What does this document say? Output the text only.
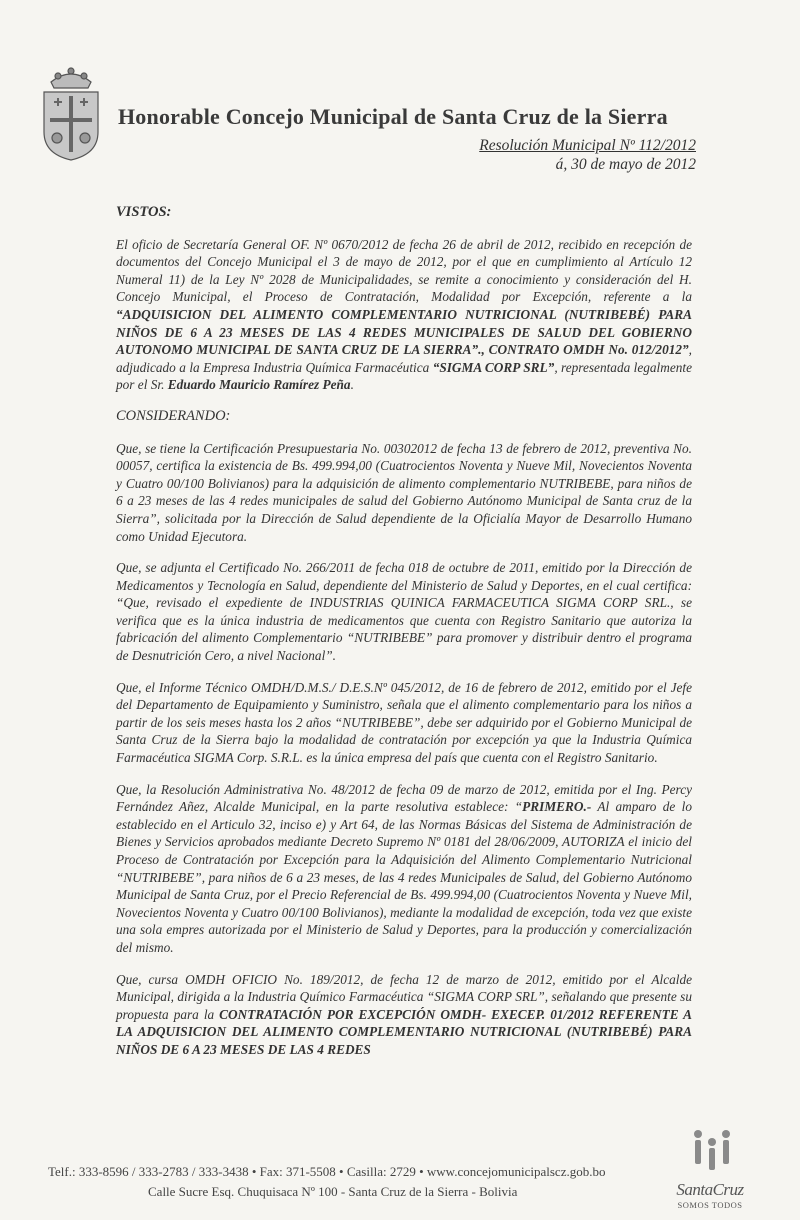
Honorable Concejo Municipal de Santa Cruz de la Sierra
Resolución Municipal Nº 112/2012
á, 30 de mayo de 2012
VISTOS:

El oficio de Secretaría General OF. Nº 0670/2012 de fecha 26 de abril de 2012, recibido en recepción de documentos del Concejo Municipal el 3 de mayo de 2012, por el que en cumplimiento al Artículo 12 Numeral 11) de la Ley Nº 2028 de Municipalidades, se remite a conocimiento y consideración del H. Concejo Municipal, el Proceso de Contratación, Modalidad por Excepción, referente a la “ADQUISICION DEL ALIMENTO COMPLEMENTARIO NUTRICIONAL (NUTRIBEBÉ) PARA NIÑOS DE 6 A 23 MESES DE LAS 4 REDES MUNICIPALES DE SALUD DEL GOBIERNO AUTONOMO MUNICIPAL DE SANTA CRUZ DE LA SIERRA”., CONTRATO OMDH No. 012/2012”, adjudicado a la Empresa Industria Química Farmacéutica “SIGMA CORP SRL”, representada legalmente por el Sr. Eduardo Mauricio Ramírez Peña.

CONSIDERANDO:

Que, se tiene la Certificación Presupuestaria No. 00302012 de fecha 13 de febrero de 2012, preventiva No. 00057, certifica la existencia de Bs. 499.994,00 (Cuatrocientos Noventa y Nueve Mil, Novecientos Noventa y Cuatro 00/100 Bolivianos) para la adquisición de alimento complementario NUTRIBEBE, para niños de 6 a 23 meses de las 4 redes municipales de salud del Gobierno Autónomo Municipal de Santa cruz de la Sierra”, solicitada por la Dirección de Salud dependiente de la Oficialía Mayor de Desarrollo Humano como Unidad Ejecutora.

Que, se adjunta el Certificado No. 266/2011 de fecha 018 de octubre de 2011, emitido por la Dirección de Medicamentos y Tecnología en Salud, dependiente del Ministerio de Salud y Deportes, en el cual certifica: “Que, revisado el expediente de INDUSTRIAS QUINICA FARMACEUTICA SIGMA CORP SRL., se verifica que es la única industria de medicamentos que cuenta con Registro Sanitario que autoriza la fabricación del alimento Complementario “NUTRIBEBE” para promover y distribuir dentro el programa de Desnutrición Cero, a nivel Nacional”.

Que, el Informe Técnico OMDH/D.M.S./ D.E.S.Nº 045/2012, de 16 de febrero de 2012, emitido por el Jefe del Departamento de Equipamiento y Suministro, señala que el alimento complementario para los niños a partir de los seis meses hasta los 2 años “NUTRIBEBE”, debe ser adquirido por el Gobierno Municipal de Santa Cruz de la Sierra bajo la modalidad de contratación por excepción ya que la Industria Química Farmacéutica SIGMA Corp. S.R.L. es la única empresa del país que cuenta con el Registro Sanitario.

Que, la Resolución Administrativa No. 48/2012 de fecha 09 de marzo de 2012, emitida por el Ing. Percy Fernández Añez, Alcalde Municipal, en la parte resolutiva establece: “PRIMERO.- Al amparo de lo establecido en el Articulo 32, inciso e) y Art 64, de las Normas Básicas del Sistema de Administración de Bienes y Servicios aprobados mediante Decreto Supremo Nº 0181 del 28/06/2009, AUTORIZA el inicio del Proceso de Contratación por Excepción para la Adquisición del Alimento Complementario Nutricional “NUTRIBEBE”, para niños de 6 a 23 meses, de las 4 redes Municipales de Salud, del Gobierno Autónomo Municipal de Santa Cruz, por el Precio Referencial de Bs. 499.994,00 (Cuatrocientos Noventa y Nueve Mil, Novecientos Noventa y Cuatro 00/100 Bolivianos), mediante la modalidad de excepción, toda vez que existe una sola empres autorizada por el Ministerio de Salud y Deportes, para la producción y comercialización del mismo.

Que, cursa OMDH OFICIO No. 189/2012, de fecha 12 de marzo de 2012, emitido por el Alcalde Municipal, dirigida a la Industria Químico Farmacéutica “SIGMA CORP SRL”, señalando que presente su propuesta para la CONTRATACIÓN POR EXCEPCIÓN OMDH- EXECEP. 01/2012 REFERENTE A LA ADQUISICION DEL ALIMENTO COMPLEMENTARIO NUTRICIONAL (NUTRIBEBÉ) PARA NIÑOS DE 6 A 23 MESES DE LAS 4 REDES

Telf.: 333-8596 / 333-2783 / 333-3438 • Fax: 371-5508 • Casilla: 2729 • www.concejomunicipalscz.gob.bo
Calle Sucre Esq. Chuquisaca Nº 100 - Santa Cruz de la Sierra - Bolivia	SantaCruz
SOMOS TODOS
